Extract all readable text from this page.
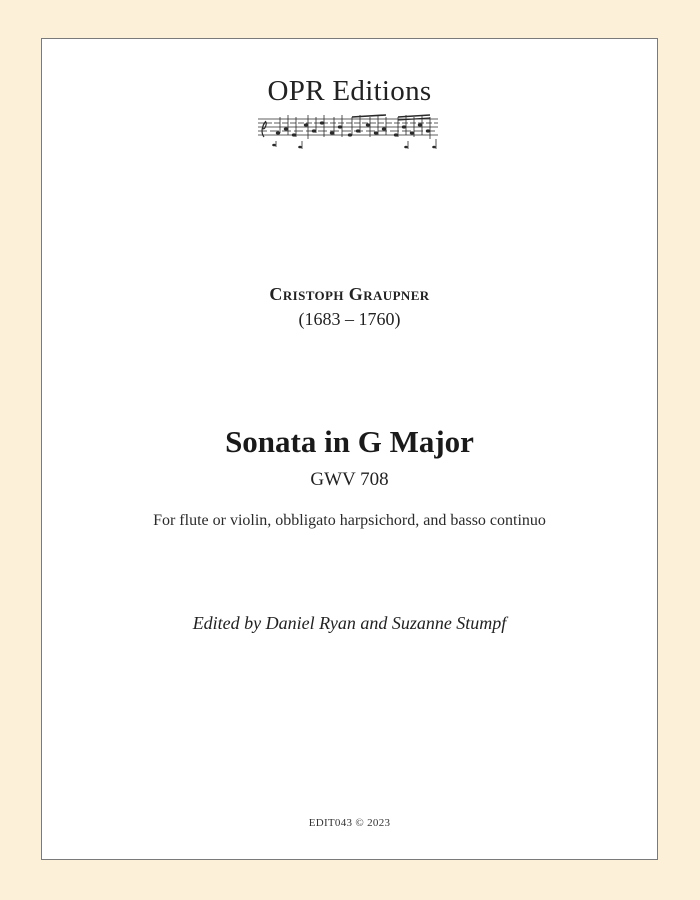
OPR Editions
Cristoph Graupner
(1683 – 1760)
Sonata in G Major
GWV 708
For flute or violin, obbligato harpsichord, and basso continuo
Edited by Daniel Ryan and Suzanne Stumpf
EDIT043 © 2023
